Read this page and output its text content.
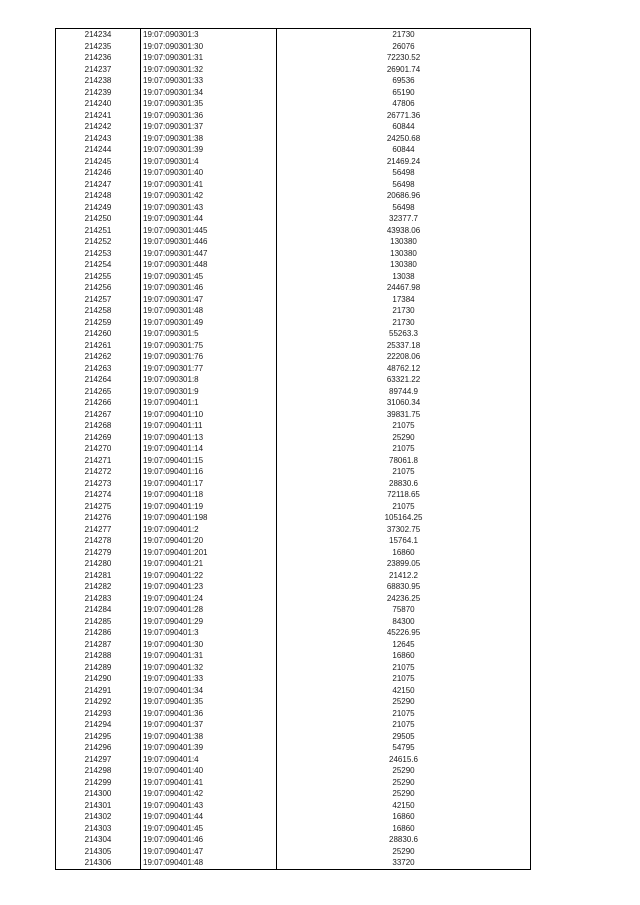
214234	19:07:090301:3	21730
214235	19:07:090301:30	26076
214236	19:07:090301:31	72230.52
214237	19:07:090301:32	26901.74
214238	19:07:090301:33	69536
214239	19:07:090301:34	65190
214240	19:07:090301:35	47806
214241	19:07:090301:36	26771.36
214242	19:07:090301:37	60844
214243	19:07:090301:38	24250.68
214244	19:07:090301:39	60844
214245	19:07:090301:4	21469.24
214246	19:07:090301:40	56498
214247	19:07:090301:41	56498
214248	19:07:090301:42	20686.96
214249	19:07:090301:43	56498
214250	19:07:090301:44	32377.7
214251	19:07:090301:445	43938.06
214252	19:07:090301:446	130380
214253	19:07:090301:447	130380
214254	19:07:090301:448	130380
214255	19:07:090301:45	13038
214256	19:07:090301:46	24467.98
214257	19:07:090301:47	17384
214258	19:07:090301:48	21730
214259	19:07:090301:49	21730
214260	19:07:090301:5	55263.3
214261	19:07:090301:75	25337.18
214262	19:07:090301:76	22208.06
214263	19:07:090301:77	48762.12
214264	19:07:090301:8	63321.22
214265	19:07:090301:9	89744.9
214266	19:07:090401:1	31060.34
214267	19:07:090401:10	39831.75
214268	19:07:090401:11	21075
214269	19:07:090401:13	25290
214270	19:07:090401:14	21075
214271	19:07:090401:15	78061.8
214272	19:07:090401:16	21075
214273	19:07:090401:17	28830.6
214274	19:07:090401:18	72118.65
214275	19:07:090401:19	21075
214276	19:07:090401:198	105164.25
214277	19:07:090401:2	37302.75
214278	19:07:090401:20	15764.1
214279	19:07:090401:201	16860
214280	19:07:090401:21	23899.05
214281	19:07:090401:22	21412.2
214282	19:07:090401:23	68830.95
214283	19:07:090401:24	24236.25
214284	19:07:090401:28	75870
214285	19:07:090401:29	84300
214286	19:07:090401:3	45226.95
214287	19:07:090401:30	12645
214288	19:07:090401:31	16860
214289	19:07:090401:32	21075
214290	19:07:090401:33	21075
214291	19:07:090401:34	42150
214292	19:07:090401:35	25290
214293	19:07:090401:36	21075
214294	19:07:090401:37	21075
214295	19:07:090401:38	29505
214296	19:07:090401:39	54795
214297	19:07:090401:4	24615.6
214298	19:07:090401:40	25290
214299	19:07:090401:41	25290
214300	19:07:090401:42	25290
214301	19:07:090401:43	42150
214302	19:07:090401:44	16860
214303	19:07:090401:45	16860
214304	19:07:090401:46	28830.6
214305	19:07:090401:47	25290
214306	19:07:090401:48	33720
